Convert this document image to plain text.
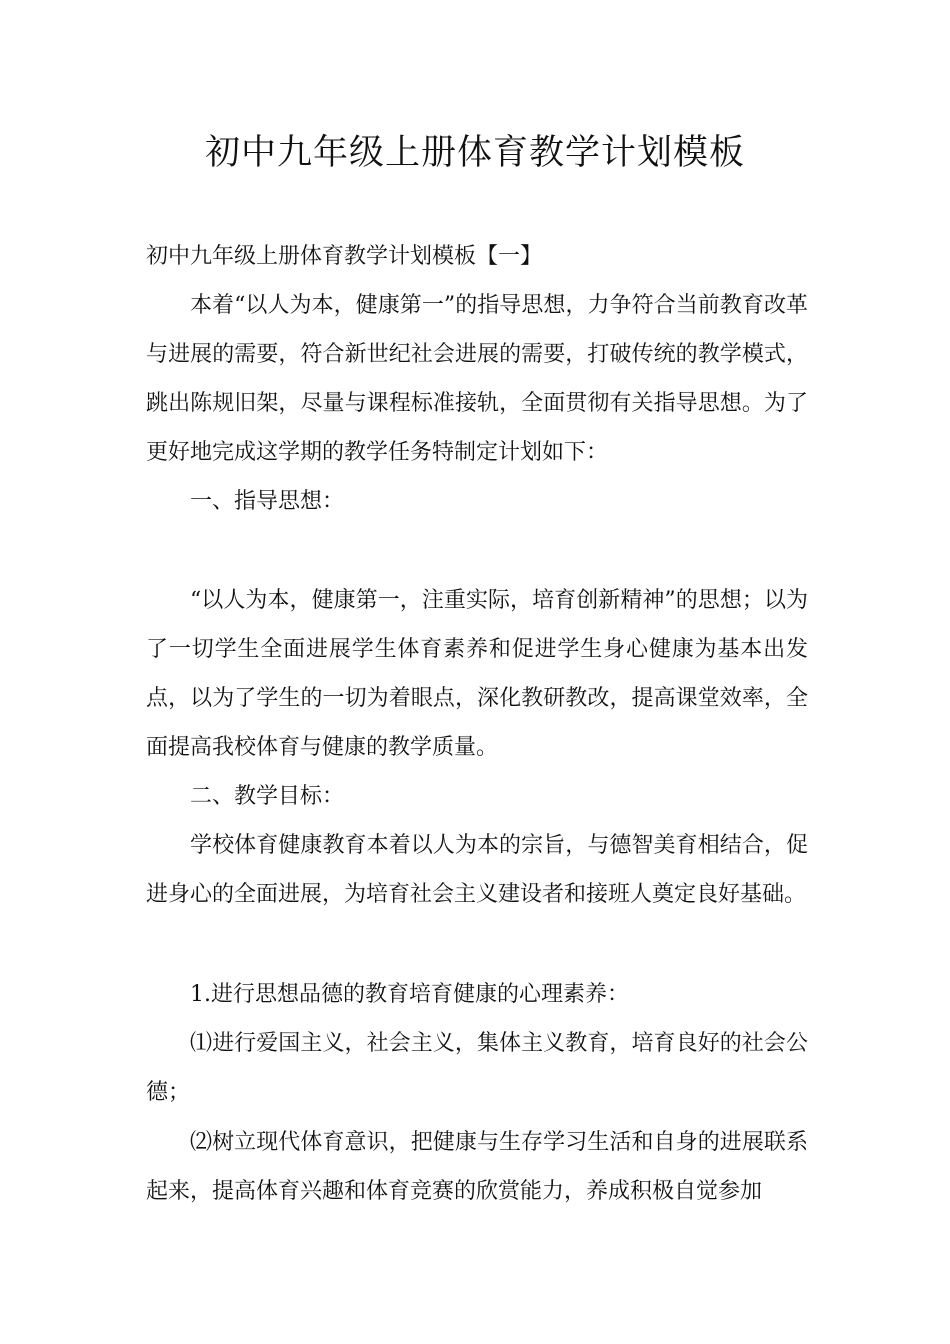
初中九年级上册体育教学计划模板

初中九年级上册体育教学计划模板【一】

本着“以人为本，健康第一”的指导思想，力争符合当前教育改革与进展的需要，符合新世纪社会进展的需要，打破传统的教学模式，跳出陈规旧架，尽量与课程标准接轨，全面贯彻有关指导思想。为了更好地完成这学期的教学任务特制定计划如下：

一、指导思想：

“以人为本，健康第一，注重实际，培育创新精神”的思想；以为了一切学生全面进展学生体育素养和促进学生身心健康为基本出发点，以为了学生的一切为着眼点，深化教研教改，提高课堂效率，全面提高我校体育与健康的教学质量。

二、教学目标：

学校体育健康教育本着以人为本的宗旨，与德智美育相结合，促进身心的全面进展，为培育社会主义建设者和接班人奠定良好基础。

1.进行思想品德的教育培育健康的心理素养：

⑴进行爱国主义，社会主义，集体主义教育，培育良好的社会公德；

⑵树立现代体育意识，把健康与生存学习生活和自身的进展联系起来，提高体育兴趣和体育竞赛的欣赏能力，养成积极自觉参加
